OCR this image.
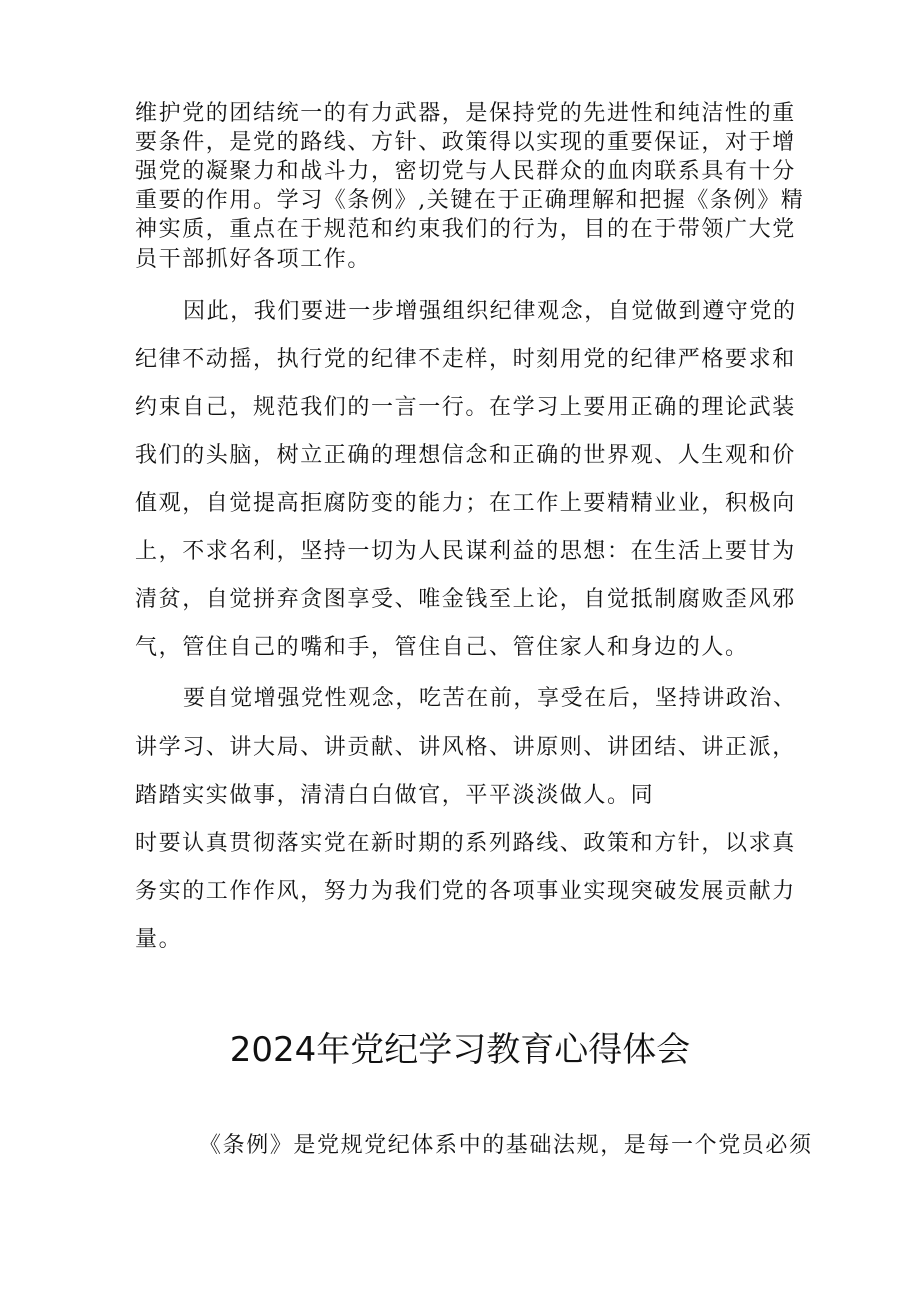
维护党的团结统一的有力武器，是保持党的先进性和纯洁性的重
要条件，是党的路线、方针、政策得以实现的重要保证，对于增
强党的凝聚力和战斗力，密切党与人民群众的血肉联系具有十分
重要的作用。学习《条例》,关键在于正确理解和把握《条例》精
神实质，重点在于规范和约束我们的行为，目的在于带领广大党
员干部抓好各项工作。
因此，我们要进一步增强组织纪律观念，自觉做到遵守党的
纪律不动摇，执行党的纪律不走样，时刻用党的纪律严格要求和
约束自己，规范我们的一言一行。在学习上要用正确的理论武装
我们的头脑，树立正确的理想信念和正确的世界观、人生观和价
值观，自觉提高拒腐防变的能力；在工作上要精精业业，积极向
上，不求名利，坚持一切为人民谋利益的思想：在生活上要甘为
清贫，自觉拼弃贪图享受、唯金钱至上论，自觉抵制腐败歪风邪
气，管住自己的嘴和手，管住自己、管住家人和身边的人。
要自觉增强党性观念，吃苦在前，享受在后，坚持讲政治、
讲学习、讲大局、讲贡献、讲风格、讲原则、讲团结、讲正派，
踏踏实实做事，清清白白做官，平平淡淡做人。同
时要认真贯彻落实党在新时期的系列路线、政策和方针，以求真
务实的工作作风，努力为我们党的各项事业实现突破发展贡献力
量。
2024年党纪学习教育心得体会
《条例》是党规党纪体系中的基础法规，是每一个党员必须
